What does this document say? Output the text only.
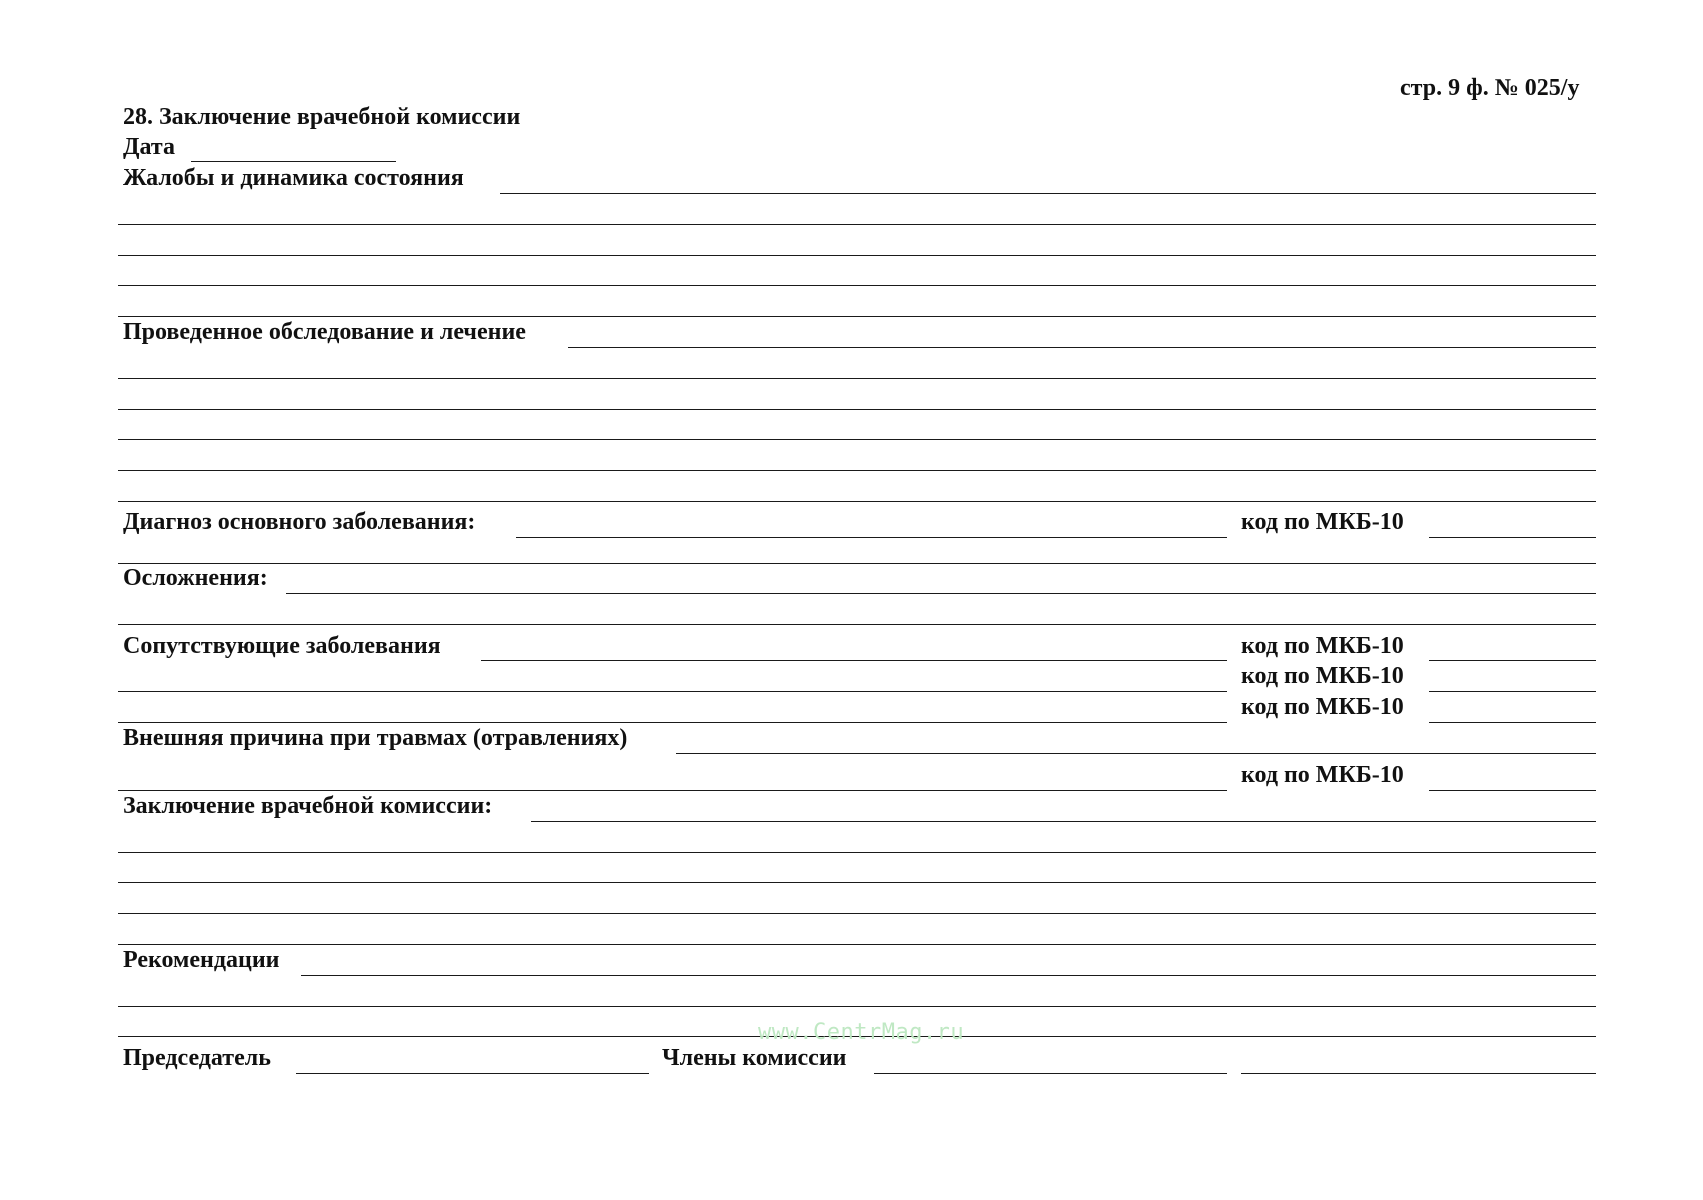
стр. 9 ф. № 025/у
28. Заключение врачебной комиссии
Дата
Жалобы и динамика состояния
Проведенное обследование и лечение
Диагноз основного заболевания:	код по МКБ-10
Осложнения:
Сопутствующие заболевания	код по МКБ-10
код по МКБ-10
код по МКБ-10
Внешняя причина при травмах (отравлениях)
код по МКБ-10
Заключение врачебной комиссии:
Рекомендации
Председатель	Члены комиссии
www.CentrMag.ru
